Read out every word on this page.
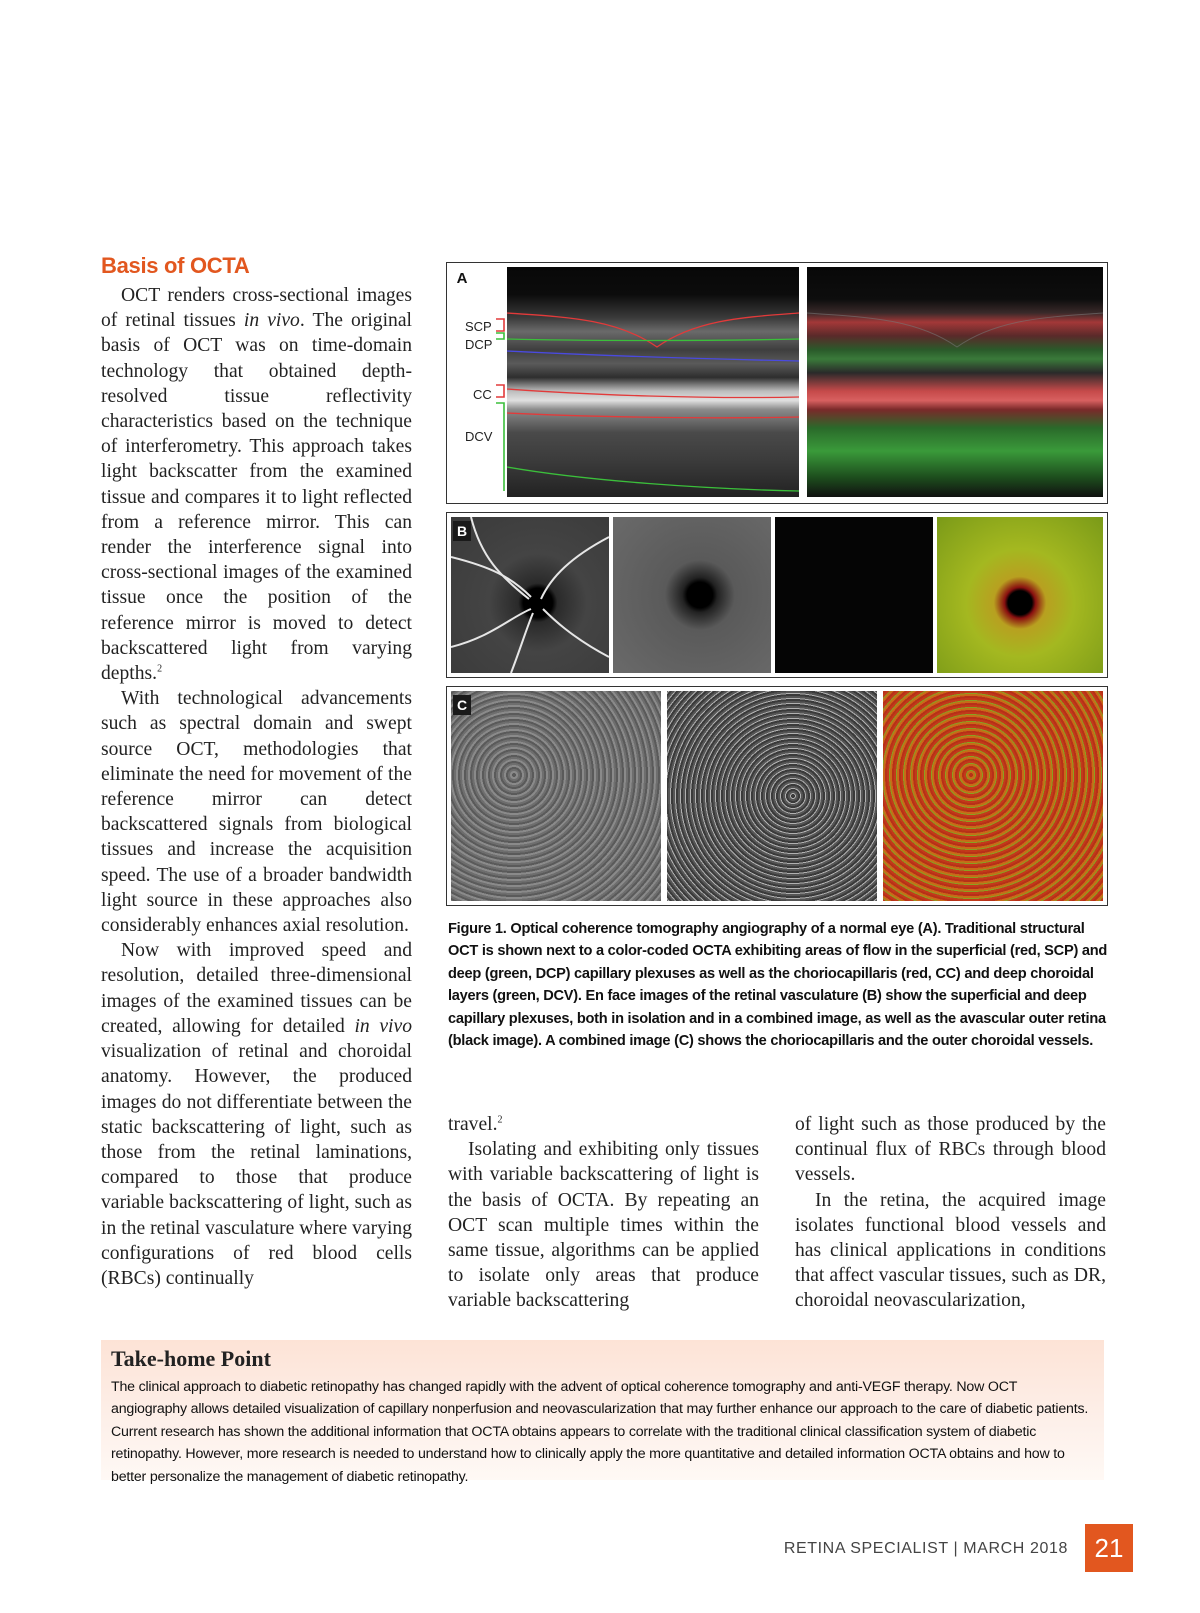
Basis of OCTA

OCT renders cross-sectional images of retinal tissues in vivo. The original basis of OCT was on time-domain technology that obtained depth-resolved tissue reflectivity characteristics based on the technique of interferometry. This approach takes light backscatter from the examined tissue and compares it to light reflected from a reference mirror. This can render the interference signal into cross-sectional images of the examined tissue once the position of the reference mirror is moved to detect backscattered light from varying depths.$^2$

With technological advancements such as spectral domain and swept source OCT, methodologies that eliminate the need for movement of the reference mirror can detect backscattered signals from biological tissues and increase the acquisition speed. The use of a broader bandwidth light source in these approaches also considerably enhances axial resolution.

Now with improved speed and resolution, detailed three-dimensional images of the examined tissues can be created, allowing for detailed in vivo visualization of retinal and choroidal anatomy. However, the produced images do not differentiate between the static backscattering of light, such as those from the retinal laminations, compared to those that produce variable backscattering of light, such as in the retinal vasculature where varying configurations of red blood cells (RBCs) continually

travel.$^2$

Isolating and exhibiting only tissues with variable backscattering of light is the basis of OCTA. By repeating an OCT scan multiple times within the same tissue, algorithms can be applied to isolate only areas that produce variable backscattering

of light such as those produced by the continual flux of RBCs through blood vessels.

In the retina, the acquired image isolates functional blood vessels and has clinical applications in conditions that affect vascular tissues, such as DR, choroidal neovascularization,

A
SCP
DCP
CC
DCV
B
C
Figure 1. Optical coherence tomography angiography of a normal eye (A). Traditional structural OCT is shown next to a color-coded OCTA exhibiting areas of flow in the superficial (red, SCP) and deep (green, DCP) capillary plexuses as well as the choriocapillaris (red, CC) and deep choroidal layers (green, DCV). En face images of the retinal vasculature (B) show the superficial and deep capillary plexuses, both in isolation and in a combined image, as well as the avascular outer retina (black image). A combined image (C) shows the choriocapillaris and the outer choroidal vessels.
Take-home Point
The clinical approach to diabetic retinopathy has changed rapidly with the advent of optical coherence tomography and anti-VEGF therapy. Now OCT angiography allows detailed visualization of capillary nonperfusion and neovascularization that may further enhance our approach to the care of diabetic patients. Current research has shown the additional information that OCTA obtains appears to correlate with the traditional clinical classification system of diabetic retinopathy. However, more research is needed to understand how to clinically apply the more quantitative and detailed information OCTA obtains and how to better personalize the management of diabetic retinopathy.
RETINA SPECIALIST | MARCH 2018	21
